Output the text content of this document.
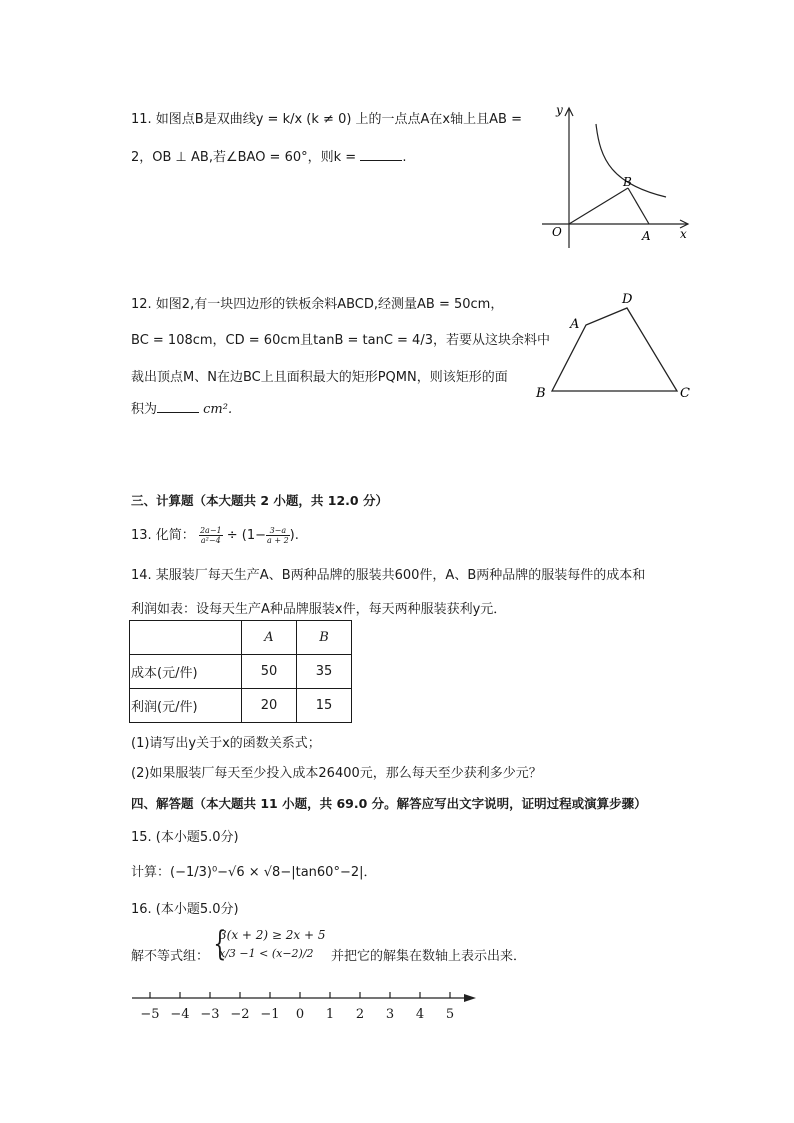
11. 如图点B是双曲线y = k/x (k ≠ 0) 上的一点点A在x轴上且AB =
2，OB ⊥ AB,若∠BAO = 60°，则k =	.
y
x
O	A
B
12. 如图2,有一块四边形的铁板余料ABCD,经测量AB = 50cm，
BC = 108cm，CD = 60cm且tanB = tanC = 4/3，若要从这块余料中
裁出顶点M、N在边BC上且面积最大的矩形PQMN，则该矩形的面
积为	cm².
A
B	C
D
三、计算题（本大题共 2 小题，共 12.0 分）
13. 化简： $\frac{2a-1}{\text{a²−4}} \div (1- \frac{3-a}{a + 2}$ ).
14. 某服装厂每天生产A、B两种品牌的服装共600件，A、B两种品牌的服装每件的成本和
利润如表：设每天生产A种品牌服装x件，每天两种服装获利y元．
	A	B
成本(元/件)	50	35
利润(元/件)	20	15
(1)请写出y关于x的函数关系式；
(2)如果服装厂每天至少投入成本26400元，那么每天至少获利多少元？
四、解答题（本大题共 11 小题，共 69.0 分。解答应写出文字说明，证明过程或演算步骤）
15. (本小题5.0分)
计算：(−1/3)⁰−√6 × √8−|tan60°−2|．
16. (本小题5.0分)
解不等式组： {
3(x + 2) ≥ 2x + 5
x/3 −1 < (x−2)/2 并把它的解集在数轴上表示出来．
−5 −4 −3 −2 −1 0 1 2 3 4 5
